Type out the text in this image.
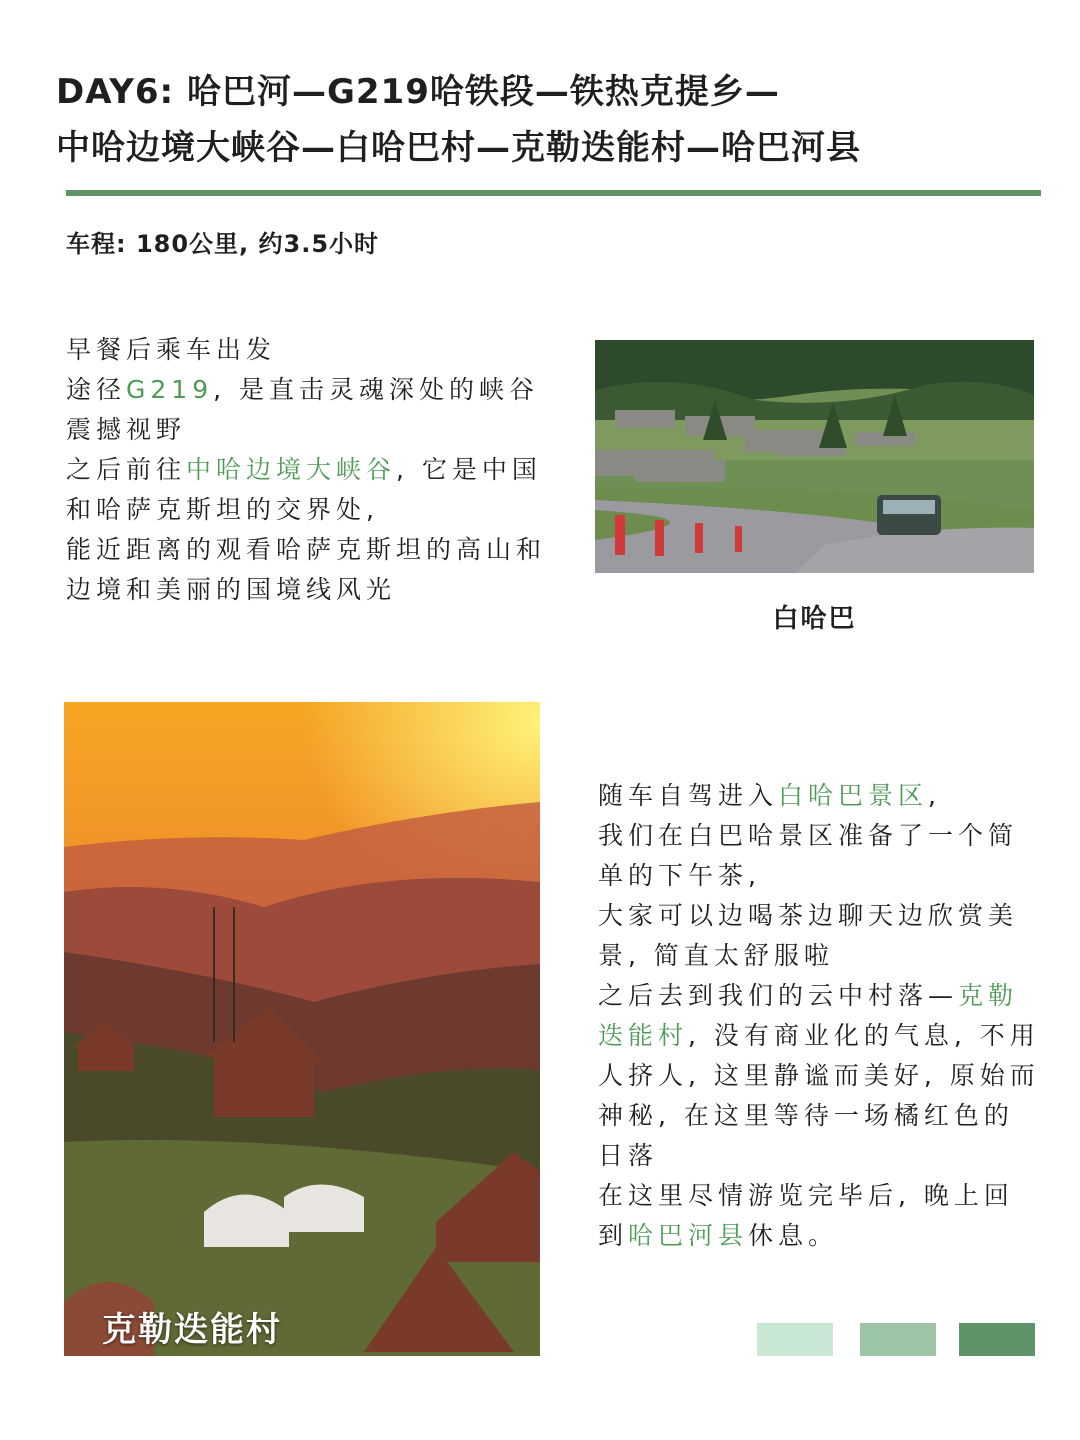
DAY6: 哈巴河—G219哈铁段—铁热克提乡—
中哈边境大峡谷—白哈巴村—克勒迭能村—哈巴河县
车程: 180公里, 约3.5小时
早餐后乘车出发
途径G219, 是直击灵魂深处的峡谷震撼视野
之后前往中哈边境大峡谷, 它是中国和哈萨克斯坦的交界处,
能近距离的观看哈萨克斯坦的高山和边境和美丽的国境线风光
白哈巴
克勒迭能村
随车自驾进入白哈巴景区,
我们在白巴哈景区准备了一个简单的下午茶,
大家可以边喝茶边聊天边欣赏美景, 简直太舒服啦
之后去到我们的云中村落—克勒迭能村, 没有商业化的气息, 不用人挤人, 这里静谧而美好, 原始而神秘, 在这里等待一场橘红色的日落
在这里尽情游览完毕后, 晚上回到哈巴河县休息。
